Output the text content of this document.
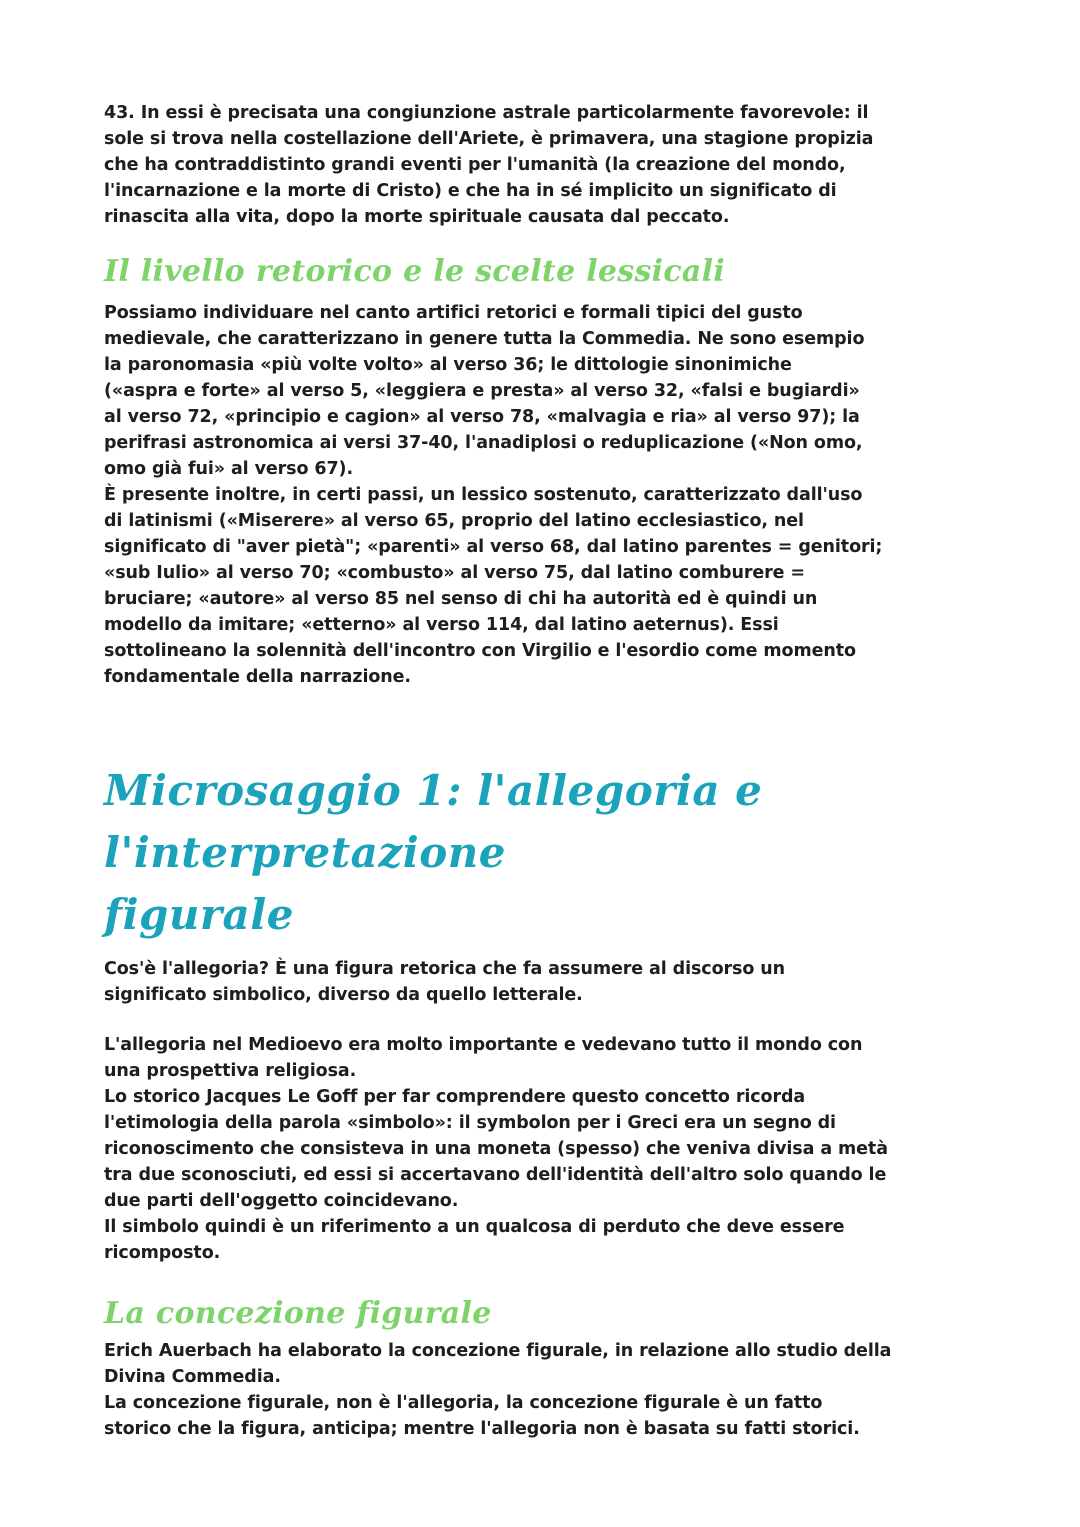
43. In essi è precisata una congiunzione astrale particolarmente favorevole: il
sole si trova nella costellazione dell'Ariete, è primavera, una stagione propizia
che ha contraddistinto grandi eventi per l'umanità (la creazione del mondo,
l'incarnazione e la morte di Cristo) e che ha in sé implicito un significato di
rinascita alla vita, dopo la morte spirituale causata dal peccato.

Il livello retorico e le scelte lessicali

Possiamo individuare nel canto artifici retorici e formali tipici del gusto
medievale, che caratterizzano in genere tutta la Commedia. Ne sono esempio
la paronomasia «più volte volto» al verso 36; le dittologie sinonimiche
(«aspra e forte» al verso 5, «leggiera e presta» al verso 32, «falsi e bugiardi»
al verso 72, «principio e cagion» al verso 78, «malvagia e ria» al verso 97); la
perifrasi astronomica ai versi 37-40, l'anadiplosi o reduplicazione («Non omo,
omo già fui» al verso 67).
È presente inoltre, in certi passi, un lessico sostenuto, caratterizzato dall'uso
di latinismi («Miserere» al verso 65, proprio del latino ecclesiastico, nel
significato di "aver pietà"; «parenti» al verso 68, dal latino parentes = genitori;
«sub Iulio» al verso 70; «combusto» al verso 75, dal latino comburere =
bruciare; «autore» al verso 85 nel senso di chi ha autorità ed è quindi un
modello da imitare; «etterno» al verso 114, dal latino aeternus). Essi
sottolineano la solennità dell'incontro con Virgilio e l'esordio come momento
fondamentale della narrazione.

Microsaggio 1: l'allegoria e l'interpretazione
figurale

Cos'è l'allegoria? È una figura retorica che fa assumere al discorso un
significato simbolico, diverso da quello letterale.

L'allegoria nel Medioevo era molto importante e vedevano tutto il mondo con
una prospettiva religiosa.
Lo storico Jacques Le Goff per far comprendere questo concetto ricorda
l'etimologia della parola «simbolo»: il symbolon per i Greci era un segno di
riconoscimento che consisteva in una moneta (spesso) che veniva divisa a metà
tra due sconosciuti, ed essi si accertavano dell'identità dell'altro solo quando le
due parti dell'oggetto coincidevano.
Il simbolo quindi è un riferimento a un qualcosa di perduto che deve essere
ricomposto.

La concezione figurale

Erich Auerbach ha elaborato la concezione figurale, in relazione allo studio della
Divina Commedia.
La concezione figurale, non è l'allegoria, la concezione figurale è un fatto
storico che la figura, anticipa; mentre l'allegoria non è basata su fatti storici.
